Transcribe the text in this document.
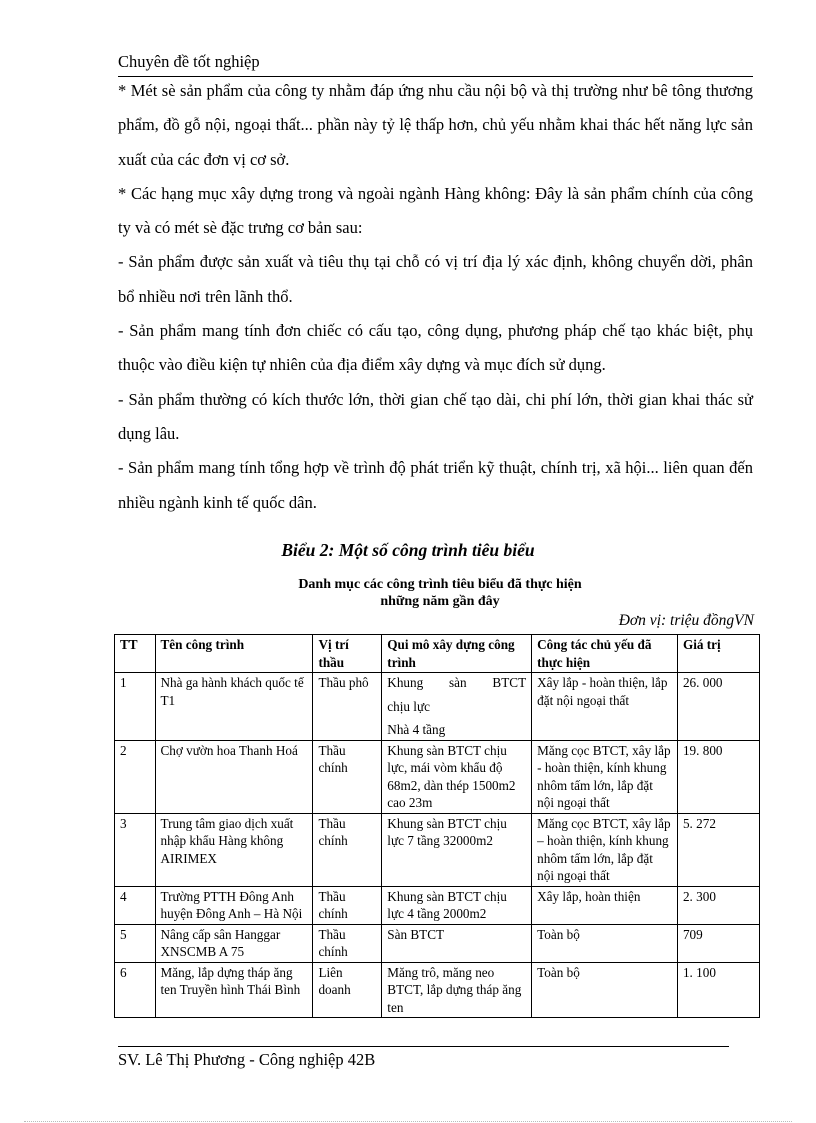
Chuyên đề tốt nghiệp

* Mét sè sản phẩm của công ty nhằm đáp ứng nhu cầu nội bộ và thị trường như bê tông thương phẩm, đồ gỗ nội, ngoại thất... phần này tỷ lệ thấp hơn, chủ yếu nhằm khai thác hết năng lực sản xuất của các đơn vị cơ sở.

* Các hạng mục xây dựng trong và ngoài ngành Hàng không: Đây là sản phẩm chính của công ty và có mét sè đặc trưng cơ bản sau:

- Sản phẩm được sản xuất và tiêu thụ tại chỗ có vị trí địa lý xác định, không chuyển dời, phân bổ nhiều nơi trên lãnh thổ.

- Sản phẩm mang tính đơn chiếc có cấu tạo, công dụng, phương pháp chế tạo khác biệt, phụ thuộc vào điều kiện tự nhiên của địa điểm xây dựng và mục đích sử dụng.

- Sản phẩm thường có kích thước lớn, thời gian chế tạo dài, chi phí lớn, thời gian khai thác sử dụng lâu.

- Sản phẩm mang tính tổng hợp về trình độ phát triển kỹ thuật, chính trị, xã hội... liên quan đến nhiều ngành kinh tế quốc dân.

Biểu 2: Một số công trình tiêu biểu
Danh mục các công trình tiêu biểu đã thực hiện
những năm gần đây
Đơn vị: triệu đồngVN
TT	Tên công trình	Vị trí thầu	Qui mô xây dựng công trình	Công tác chủ yếu đã thực hiện	Giá trị
1	Nhà ga hành khách quốc tế T1	Thầu phô	Khung sàn BTCT
chịu lực
Nhà 4 tầng	Xây lắp - hoàn thiện, lắp đặt nội ngoại thất	26. 000
2	Chợ vườn hoa Thanh Hoá	Thầu chính	Khung sàn BTCT chịu lực, mái vòm khẩu độ 68m2, dàn thép 1500m2 cao 23m	Măng cọc BTCT, xây lắp - hoàn thiện, kính khung nhôm tấm lớn, lắp đặt nội ngoại thất	19. 800
3	Trung tâm giao dịch xuất nhập khẩu Hàng không AIRIMEX	Thầu chính	Khung sàn BTCT chịu lực 7 tầng 32000m2	Măng cọc BTCT, xây lắp – hoàn thiện, kính khung nhôm tấm lớn, lắp đặt nội ngoại thất	5. 272
4	Trường PTTH Đông Anh huyện Đông Anh – Hà Nội	Thầu chính	Khung sàn BTCT chịu lực 4 tầng 2000m2	Xây lắp, hoàn thiện	2. 300
5	Nâng cấp sân Hanggar XNSCMB A 75	Thầu chính	Sàn BTCT	Toàn bộ	709
6	Măng, lắp dựng tháp ăng ten Truyền hình Thái Bình	Liên doanh	Măng trô, măng neo BTCT, lắp dựng tháp ăng ten	Toàn bộ	1. 100
SV. Lê Thị Phương - Công nghiệp 42B
